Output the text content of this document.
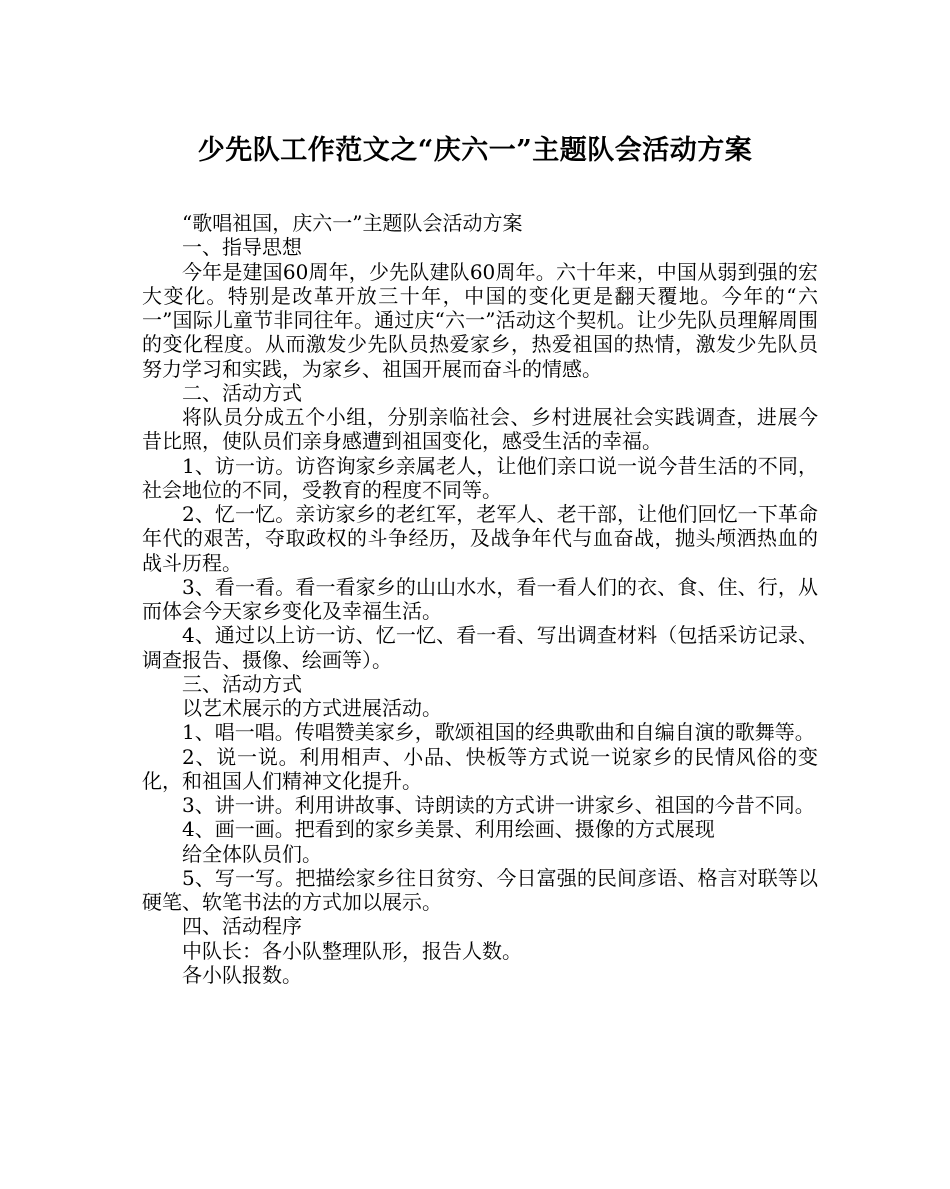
少先队工作范文之“庆六一”主题队会活动方案

“歌唱祖国，庆六一”主题队会活动方案

一、指导思想

今年是建国60周年，少先队建队60周年。六十年来，中国从弱到强的宏大变化。特别是改革开放三十年，中国的变化更是翻天覆地。今年的“六一”国际儿童节非同往年。通过庆“六一”活动这个契机。让少先队员理解周围的变化程度。从而激发少先队员热爱家乡，热爱祖国的热情，激发少先队员努力学习和实践，为家乡、祖国开展而奋斗的情感。

二、活动方式

将队员分成五个小组，分别亲临社会、乡村进展社会实践调查，进展今昔比照，使队员们亲身感遭到祖国变化，感受生活的幸福。

1、访一访。访咨询家乡亲属老人，让他们亲口说一说今昔生活的不同，社会地位的不同，受教育的程度不同等。

2、忆一忆。亲访家乡的老红军，老军人、老干部，让他们回忆一下革命年代的艰苦，夺取政权的斗争经历，及战争年代与血奋战，抛头颅洒热血的战斗历程。

3、看一看。看一看家乡的山山水水，看一看人们的衣、食、住、行，从而体会今天家乡变化及幸福生活。

4、通过以上访一访、忆一忆、看一看、写出调查材料（包括采访记录、调查报告、摄像、绘画等）。

三、活动方式

以艺术展示的方式进展活动。

1、唱一唱。传唱赞美家乡，歌颂祖国的经典歌曲和自编自演的歌舞等。

2、说一说。利用相声、小品、快板等方式说一说家乡的民情风俗的变化，和祖国人们精神文化提升。

3、讲一讲。利用讲故事、诗朗读的方式讲一讲家乡、祖国的今昔不同。

4、画一画。把看到的家乡美景、利用绘画、摄像的方式展现

给全体队员们。

5、写一写。把描绘家乡往日贫穷、今日富强的民间彦语、格言对联等以硬笔、软笔书法的方式加以展示。

四、活动程序

中队长：各小队整理队形，报告人数。

各小队报数。
